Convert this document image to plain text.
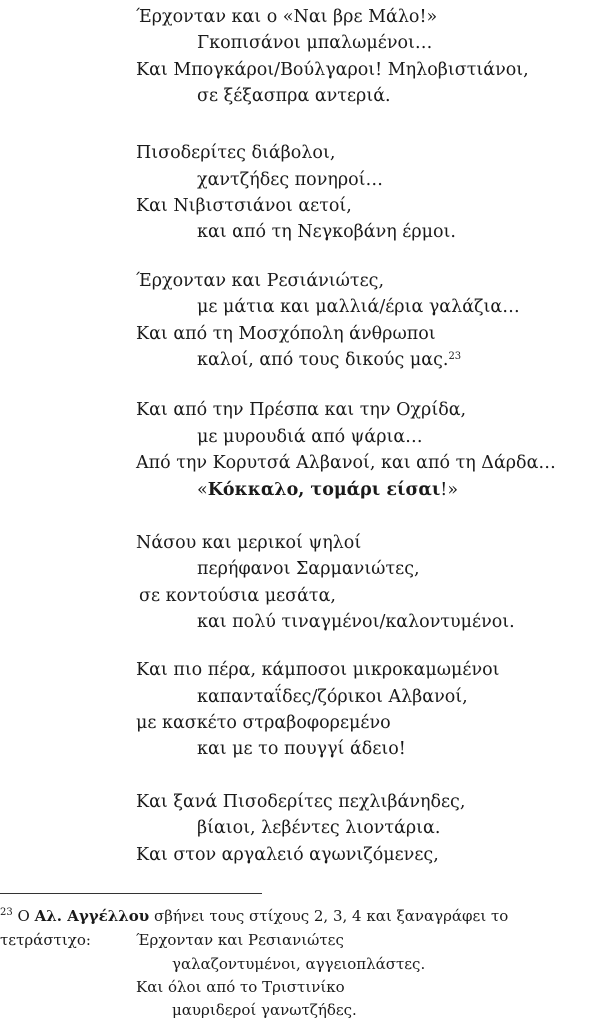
Έρχονταν και ο «Ναι βρε Μάλο!»
Γκοπισάνοι μπαλωμένοι…
Και Μπογκάροι/Βούλγαροι! Μηλοβιστιάνοι,
σε ξέξασπρα αντεριά.
Πισοδερίτες διάβολοι,
χαντζήδες πονηροί…
Και Νιβιστσιάνοι αετοί,
και από τη Νεγκοβάνη έρμοι.
Έρχονταν και Ρεσιάνιώτες,
με μάτια και μαλλιά/έρια γαλάζια…
Και από τη Μοσχόπολη άνθρωποι
καλοί, από τους δικούς μας.$^{23}$
Και από την Πρέσπα και την Οχρίδα,
με μυρουδιά από ψάρια…
Από την Κορυτσά Αλβανοί, και από τη Δάρδα…
«Κόκκαλο, τομάρι είσαι!»
Νάσου και μερικοί ψηλοί
περήφανοι Σαρμανιώτες,
σε κοντούσια μεσάτα,
και πολύ τιναγμένοι/καλοντυμένοι.
Και πιο πέρα, κάμποσοι μικροκαμωμένοι
καπανταΐδες/ζόρικοι Αλβανοί,
με κασκέτο στραβοφορεμένο
και με το πουγγί άδειο!
Και ξανά Πισοδερίτες πεχλιβάνηδες,
βίαιοι, λεβέντες λιοντάρια.
Και στον αργαλειό αγωνιζόμενες,
$^{23}$ Ο Αλ. Αγγέλλου σβήνει τους στίχους 2, 3, 4 και ξαναγράφει το
τετράστιχο:	Έρχονταν και Ρεσιανιώτες
γαλαζοντυμένοι, αγγειοπλάστες.
Και όλοι από το Τριστινίκο
μαυριδεροί γανωτζήδες.
